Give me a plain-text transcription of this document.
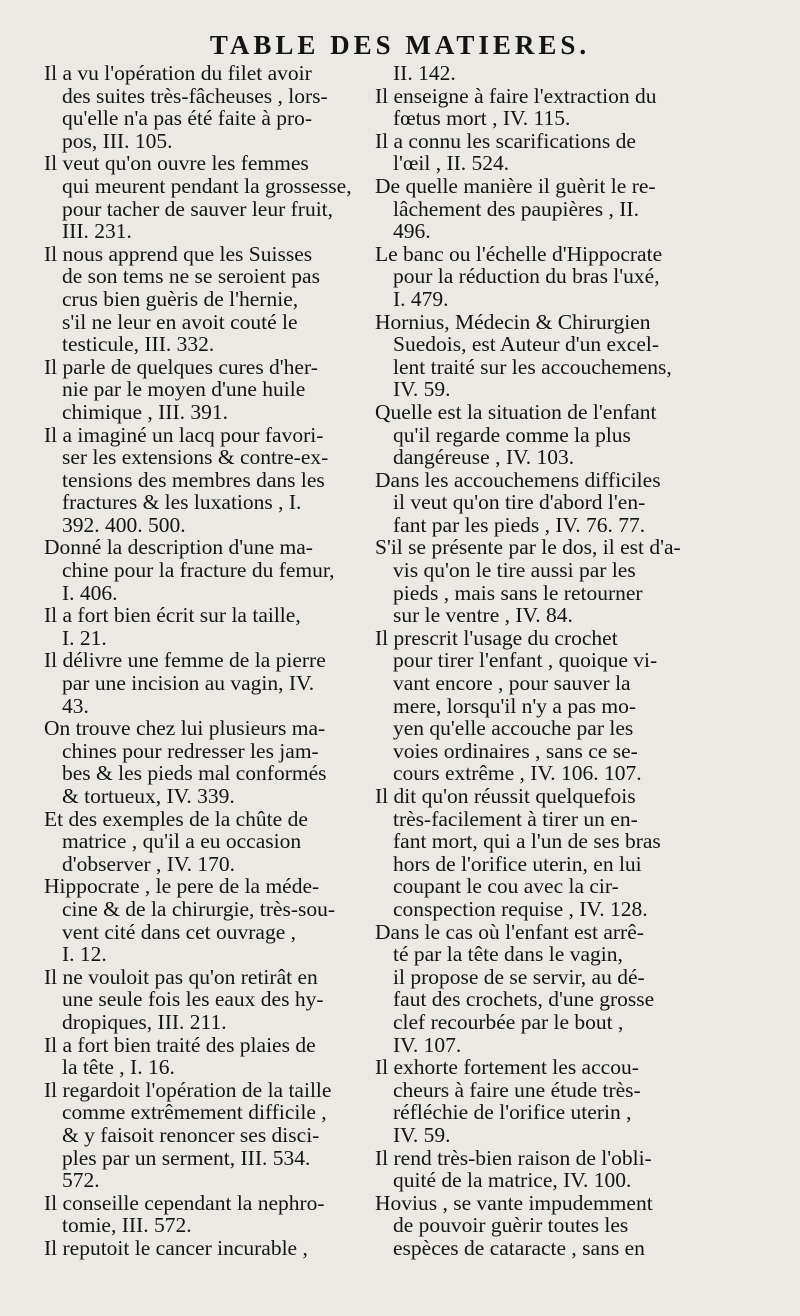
TABLE DES MATIERES.
Il a vu l'opération du filet avoir
des suites très-fâcheuses , lors-
qu'elle n'a pas été faite à pro-
pos, III. 105.
Il veut qu'on ouvre les femmes
qui meurent pendant la grossesse,
pour tacher de sauver leur fruit,
III. 231.
Il nous apprend que les Suisses
de son tems ne se seroient pas
crus bien guèris de l'hernie,
s'il ne leur en avoit couté le
testicule, III. 332.
Il parle de quelques cures d'her-
nie par le moyen d'une huile
chimique , III. 391.
Il a imaginé un lacq pour favori-
ser les extensions & contre-ex-
tensions des membres dans les
fractures & les luxations , I.
392. 400. 500.
Donné la description d'une ma-
chine pour la fracture du femur,
I. 406.
Il a fort bien écrit sur la taille,
I. 21.
Il délivre une femme de la pierre
par une incision au vagin, IV.
43.
On trouve chez lui plusieurs ma-
chines pour redresser les jam-
bes & les pieds mal conformés
& tortueux, IV. 339.
Et des exemples de la chûte de
matrice , qu'il a eu occasion
d'observer , IV. 170.
Hippocrate , le pere de la méde-
cine & de la chirurgie, très-sou-
vent cité dans cet ouvrage ,
I. 12.
Il ne vouloit pas qu'on retirât en
une seule fois les eaux des hy-
dropiques, III. 211.
Il a fort bien traité des plaies de
la tête , I. 16.
Il regardoit l'opération de la taille
comme extrêmement difficile ,
& y faisoit renoncer ses disci-
ples par un serment, III. 534.
572.
Il conseille cependant la nephro-
tomie, III. 572.
Il reputoit le cancer incurable ,
II. 142.
Il enseigne à faire l'extraction du
fœtus mort , IV. 115.
Il a connu les scarifications de
l'œil , II. 524.
De quelle manière il guèrit le re-
lâchement des paupières , II.
496.
Le banc ou l'échelle d'Hippocrate
pour la réduction du bras l'uxé,
I. 479.
Hornius, Médecin & Chirurgien
Suedois, est Auteur d'un excel-
lent traité sur les accouchemens,
IV. 59.
Quelle est la situation de l'enfant
qu'il regarde comme la plus
dangéreuse , IV. 103.
Dans les accouchemens difficiles
il veut qu'on tire d'abord l'en-
fant par les pieds , IV. 76. 77.
S'il se présente par le dos, il est d'a-
vis qu'on le tire aussi par les
pieds , mais sans le retourner
sur le ventre , IV. 84.
Il prescrit l'usage du crochet
pour tirer l'enfant , quoique vi-
vant encore , pour sauver la
mere, lorsqu'il n'y a pas mo-
yen qu'elle accouche par les
voies ordinaires , sans ce se-
cours extrême , IV. 106. 107.
Il dit qu'on réussit quelquefois
très-facilement à tirer un en-
fant mort, qui a l'un de ses bras
hors de l'orifice uterin, en lui
coupant le cou avec la cir-
conspection requise , IV. 128.
Dans le cas où l'enfant est arrê-
té par la tête dans le vagin,
il propose de se servir, au dé-
faut des crochets, d'une grosse
clef recourbée par le bout ,
IV. 107.
Il exhorte fortement les accou-
cheurs à faire une étude très-
réfléchie de l'orifice uterin ,
IV. 59.
Il rend très-bien raison de l'obli-
quité de la matrice, IV. 100.
Hovius , se vante impudemment
de pouvoir guèrir toutes les
espèces de cataracte , sans en
